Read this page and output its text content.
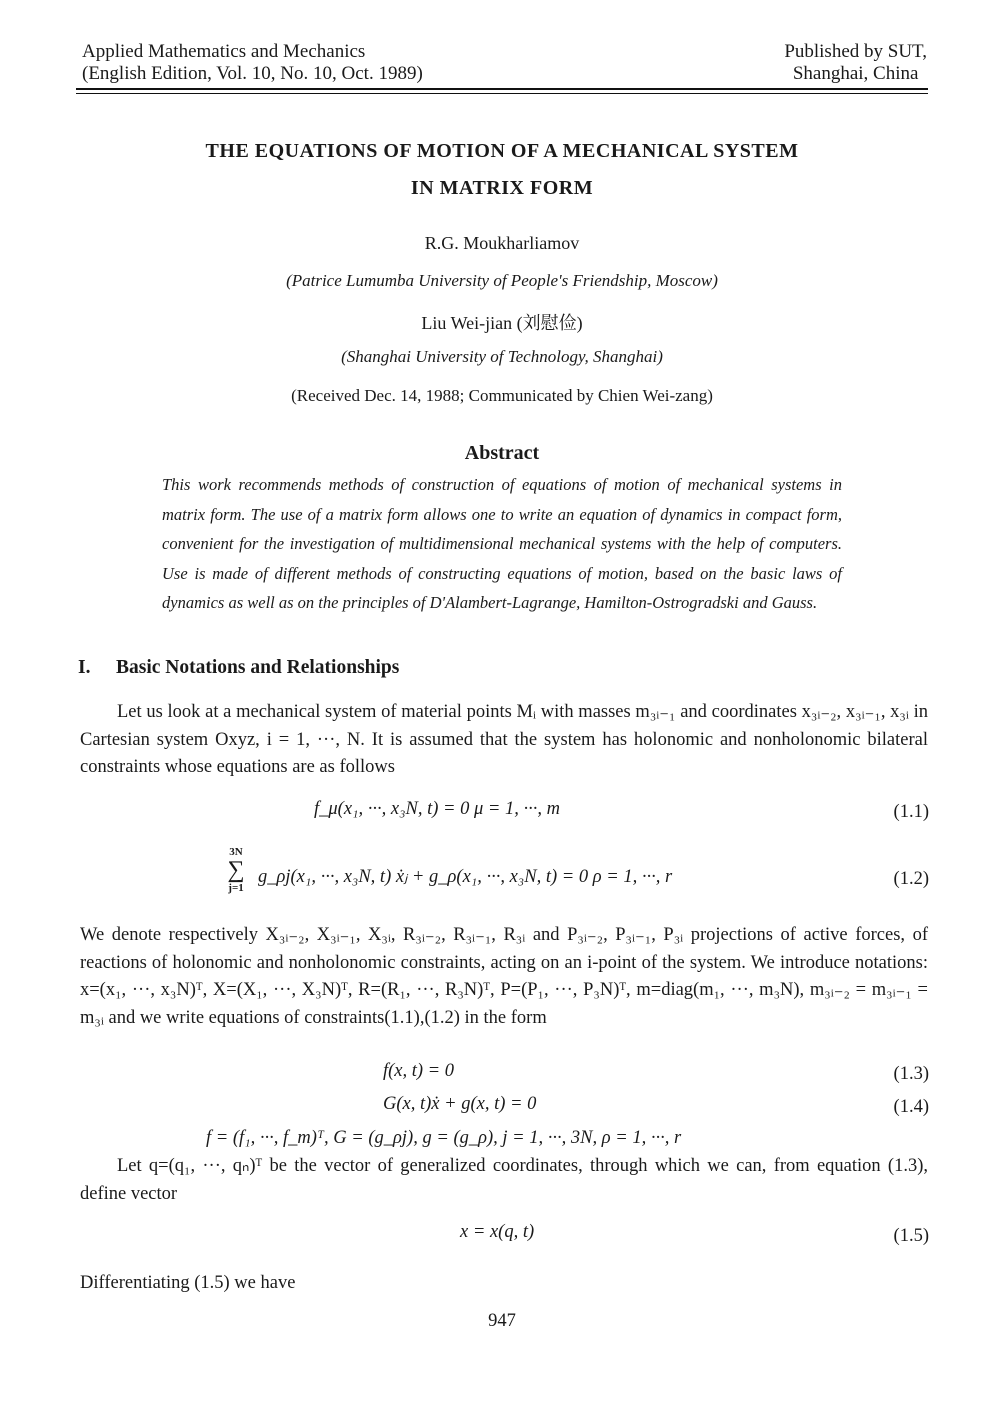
Applied Mathematics and Mechanics
(English Edition, Vol. 10, No. 10, Oct. 1989)
Published by SUT,
Shanghai, China
THE EQUATIONS OF MOTION OF A MECHANICAL SYSTEM
IN MATRIX FORM
R.G. Moukharliamov
(Patrice Lumumba University of People's Friendship, Moscow)
Liu Wei-jian (刘慰俭)
(Shanghai University of Technology, Shanghai)
(Received Dec. 14, 1988; Communicated by Chien Wei-zang)
Abstract
This work recommends methods of construction of equations of motion of mechanical systems in matrix form. The use of a matrix form allows one to write an equation of dynamics in compact form, convenient for the investigation of multidimensional mechanical systems with the help of computers. Use is made of different methods of constructing equations of motion, based on the basic laws of dynamics as well as on the principles of D'Alambert-Lagrange, Hamilton-Ostrogradski and Gauss.
I. Basic Notations and Relationships
Let us look at a mechanical system of material points Mᵢ with masses m₃ᵢ₋₁ and coordinates x₃ᵢ₋₂, x₃ᵢ₋₁, x₃ᵢ in Cartesian system Oxyz, i = 1, ···, N. It is assumed that the system has holonomic and nonholonomic bilateral constraints whose equations are as follows
f_μ(x₁, ···, x₃N, t) = 0 μ = 1, ···, m	(1.1)
3N
∑
j=1
g_ρj(x₁, ···, x₃N, t) ẋⱼ + g_ρ(x₁, ···, x₃N, t) = 0 ρ = 1, ···, r	(1.2)
We denote respectively X₃ᵢ₋₂, X₃ᵢ₋₁, X₃ᵢ, R₃ᵢ₋₂, R₃ᵢ₋₁, R₃ᵢ and P₃ᵢ₋₂, P₃ᵢ₋₁, P₃ᵢ projections of active forces, of reactions of holonomic and nonholonomic constraints, acting on an i-point of the system. We introduce notations: x=(x₁, ···, x₃N)ᵀ, X=(X₁, ···, X₃N)ᵀ, R=(R₁, ···, R₃N)ᵀ, P=(P₁, ···, P₃N)ᵀ, m=diag(m₁, ···, m₃N), m₃ᵢ₋₂ = m₃ᵢ₋₁ = m₃ᵢ and we write equations of constraints(1.1),(1.2) in the form
f(x, t) = 0	(1.3)
G(x, t)ẋ + g(x, t) = 0	(1.4)
f = (f₁, ···, f_m)ᵀ, G = (g_ρj), g = (g_ρ), j = 1, ···, 3N, ρ = 1, ···, r
Let q=(q₁, ···, qₙ)ᵀ be the vector of generalized coordinates, through which we can, from equation (1.3), define vector
x = x(q, t)	(1.5)
Differentiating (1.5) we have
947
